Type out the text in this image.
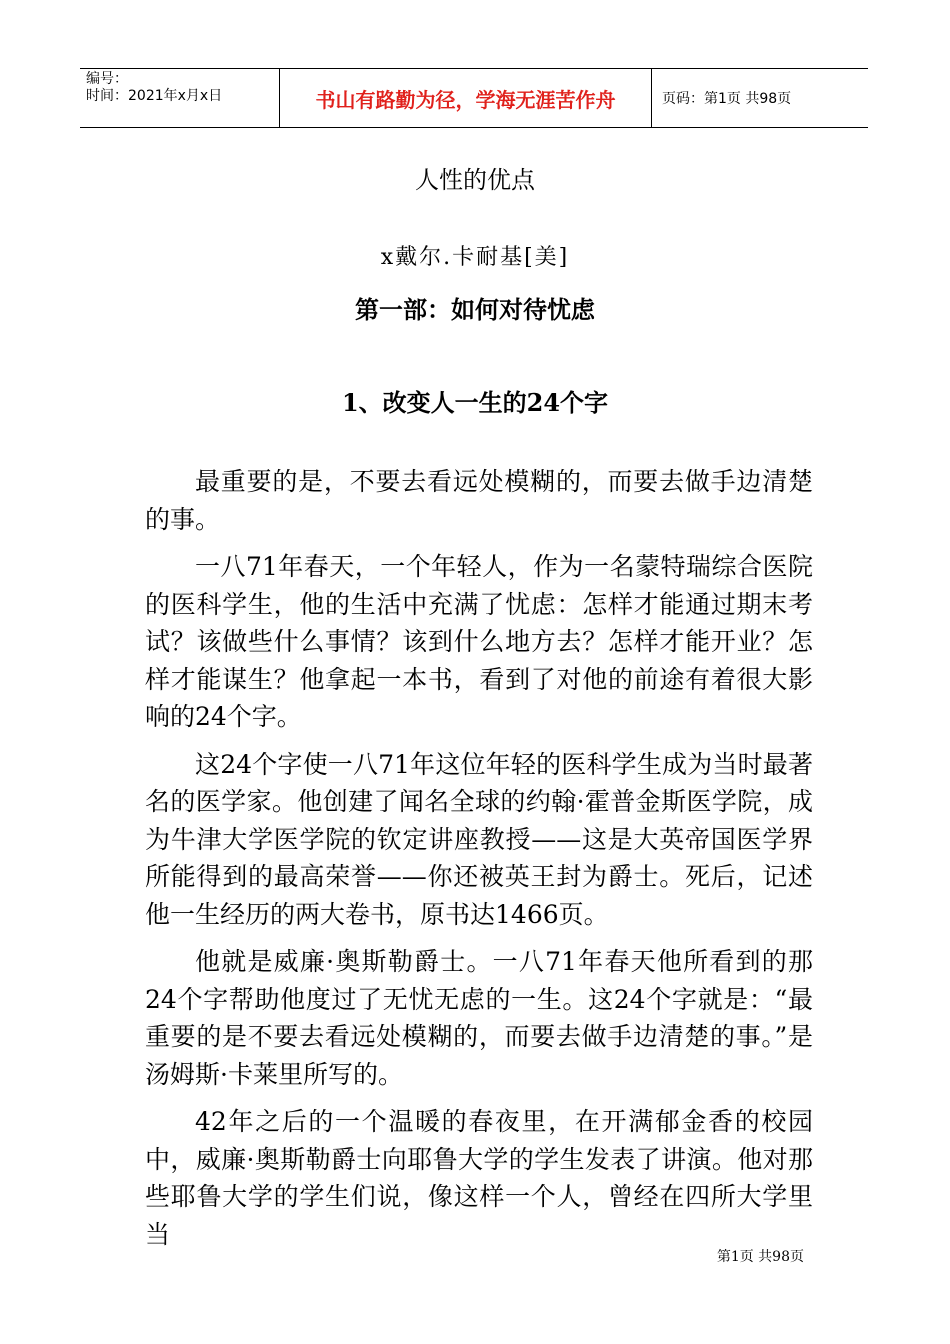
编号：
时间：2021年x月x日	书山有路勤为径，学海无涯苦作舟	页码：第1页 共98页
人性的优点
x戴尔.卡耐基[美]
第一部：如何对待忧虑
1、改变人一生的24个字

最重要的是，不要去看远处模糊的，而要去做手边清楚的事。

一八71年春天，一个年轻人，作为一名蒙特瑞综合医院的医科学生，他的生活中充满了忧虑：怎样才能通过期末考试？该做些什么事情？该到什么地方去？怎样才能开业？怎样才能谋生？他拿起一本书，看到了对他的前途有着很大影响的24个字。

这24个字使一八71年这位年轻的医科学生成为当时最著名的医学家。他创建了闻名全球的约翰·霍普金斯医学院，成为牛津大学医学院的钦定讲座教授——这是大英帝国医学界所能得到的最高荣誉——你还被英王封为爵士。死后，记述他一生经历的两大卷书，原书达1466页。

他就是威廉·奥斯勒爵士。一八71年春天他所看到的那24个字帮助他度过了无忧无虑的一生。这24个字就是：“最重要的是不要去看远处模糊的，而要去做手边清楚的事。”是汤姆斯·卡莱里所写的。

42年之后的一个温暖的春夜里，在开满郁金香的校园中，威廉·奥斯勒爵士向耶鲁大学的学生发表了讲演。他对那些耶鲁大学的学生们说，像这样一个人，曾经在四所大学里当

第1页 共98页
